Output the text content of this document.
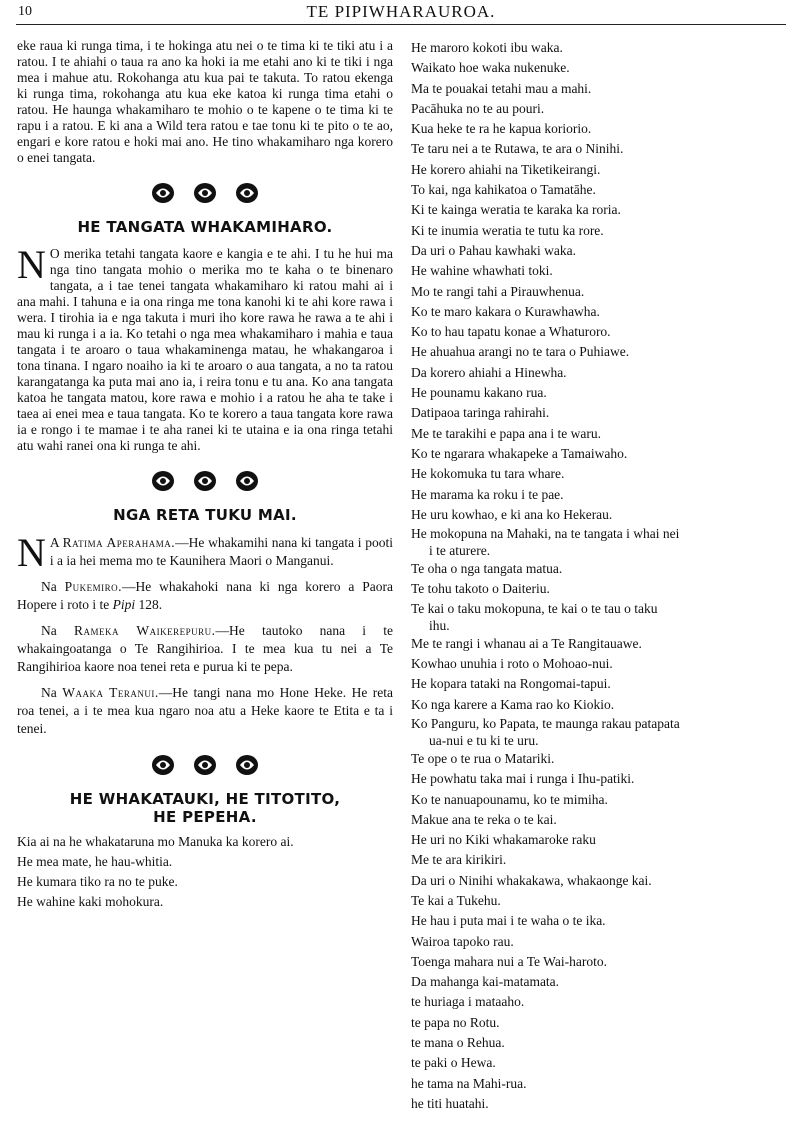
10	TE PIPIWHARAUROA.

eke raua ki runga tima, i te hokinga atu nei o te tima ki te tiki atu i a ratou. I te ahiahi o taua ra ano ka hoki ia me etahi ano ki te tiki i nga mea i mahue atu. Rokohanga atu kua pai te takuta. To ratou ekenga ki runga tima, rokohanga atu kua eke katoa ki runga tima etahi o ratou. He haunga whakamiharo te mohio o te kapene o te tima ki te rapu i a ratou. E ki ana a Wild tera ratou e tae tonu ki te pito o te ao, engari e kore ratou e hoki mai ano. He tino whakamiharo nga korero o enei tangata.

HE TANGATA WHAKAMIHARO.

N O merika tetahi tangata kaore e kangia e te ahi. I tu he hui ma nga tino tangata mohio o merika mo te kaha o te binenaro tangata, a i tae tenei tangata whakamiharo ki ratou mahi ai i ana mahi. I tahuna e ia ona ringa me tona kanohi ki te ahi kore rawa i wera. I tirohia ia e nga takuta i muri iho kore rawa he rawa a te ahi i mau ki runga i a ia. Ko tetahi o nga mea whakamiharo i mahia e taua tangata i te aroaro o taua whakaminenga matau, he whakangaroa i tona tinana. I ngaro noaiho ia ki te aroaro o aua tangata, a no ta ratou karangatanga ka puta mai ano ia, i reira tonu e tu ana. Ko ana tangata katoa he tangata matou, kore rawa e mohio i a ratou he aha te take i taea ai enei mea e taua tangata. Ko te korero a taua tangata kore rawa ia e rongo i te mamae i te aha ranei ki te utaina e ia ona ringa tetahi atu wahi ranei ona ki runga te ahi.

NGA RETA TUKU MAI.

N A Ratima Aperahama.—He whakamihi nana ki tangata i pooti i a ia hei mema mo te Kaunihera Maori o Manganui.

Na Pukemiro.—He whakahoki nana ki nga korero a Paora Hopere i roto i te Pipi 128.

Na Rameka Waikerepuru.—He tautoko nana i te whakaingoatanga o Te Rangihirioa. I te mea kua tu nei a Te Rangihirioa kaore noa tenei reta e purua ki te pepa.

Na Waaka Teranui.—He tangi nana mo Hone Heke. He reta roa tenei, a i te mea kua ngaro noa atu a Heke kaore te Etita e ta i tenei.

HE WHAKATAUKI, HE TITOTITO,
HE PEPEHA.
Kia ai na he whakataruna mo Manuka ka korero ai.
He mea mate, he hau-whitia.
He kumara tiko ra no te puke.
He wahine kaki mohokura.
He maroro kokoti ibu waka.
Waikato hoe waka nukenuke.
Ma te pouakai tetahi mau a mahi.
Pacāhuka no te au pouri.
Kua heke te ra he kapua koriorio.
Te taru nei a te Rutawa, te ara o Ninihi.
He korero ahiahi na Tiketikeirangi.
To kai, nga kahikatoa o Tamatāhe.
Ki te kainga weratia te karaka ka roria.
Ki te inumia weratia te tutu ka rore.
Da uri o Pahau kawhaki waka.
He wahine whawhati toki.
Mo te rangi tahi a Pirauwhenua.
Ko te maro kakara o Kurawhawha.
Ko to hau tapatu konae a Whaturoro.
He ahuahua arangi no te tara o Puhiawe.
Da korero ahiahi a Hinewha.
He pounamu kakano rua.
Datipaoa taringa rahirahi.
Me te tarakihi e papa ana i te waru.
Ko te ngarara whakapeke a Tamaiwaho.
He kokomuka tu tara whare.
He marama ka roku i te pae.
He uru kowhao, e ki ana ko Hekerau.
He mokopuna na Mahaki, na te tangata i whai nei
i te aturere.
Te oha o nga tangata matua.
Te tohu takoto o Daiteriu.
Te kai o taku mokopuna, te kai o te tau o taku
ihu.
Me te rangi i whanau ai a Te Rangitauawe.
Kowhao unuhia i roto o Mohoao-nui.
He kopara tataki na Rongomai-tapui.
Ko nga karere a Kama rao ko Kiokio.
Ko Panguru, ko Papata, te maunga rakau patapata
ua-nui e tu ki te uru.
Te ope o te rua o Matariki.
He powhatu taka mai i runga i Ihu-patiki.
Ko te nanuapounamu, ko te mimiha.
Makue ana te reka o te kai.
He uri no Kiki whakamaroke raku
Me te ara kirikiri.
Da uri o Ninihi whakakawa, whakaonge kai.
Te kai a Tukehu.
He hau i puta mai i te waha o te ika.
Wairoa tapoko rau.
Toenga mahara nui a Te Wai-haroto.
Da mahanga kai-matamata.
te huriaga i mataaho.
te papa no Rotu.
te mana o Rehua.
te paki o Hewa.
he tama na Mahi-rua.
he titi huatahi.
